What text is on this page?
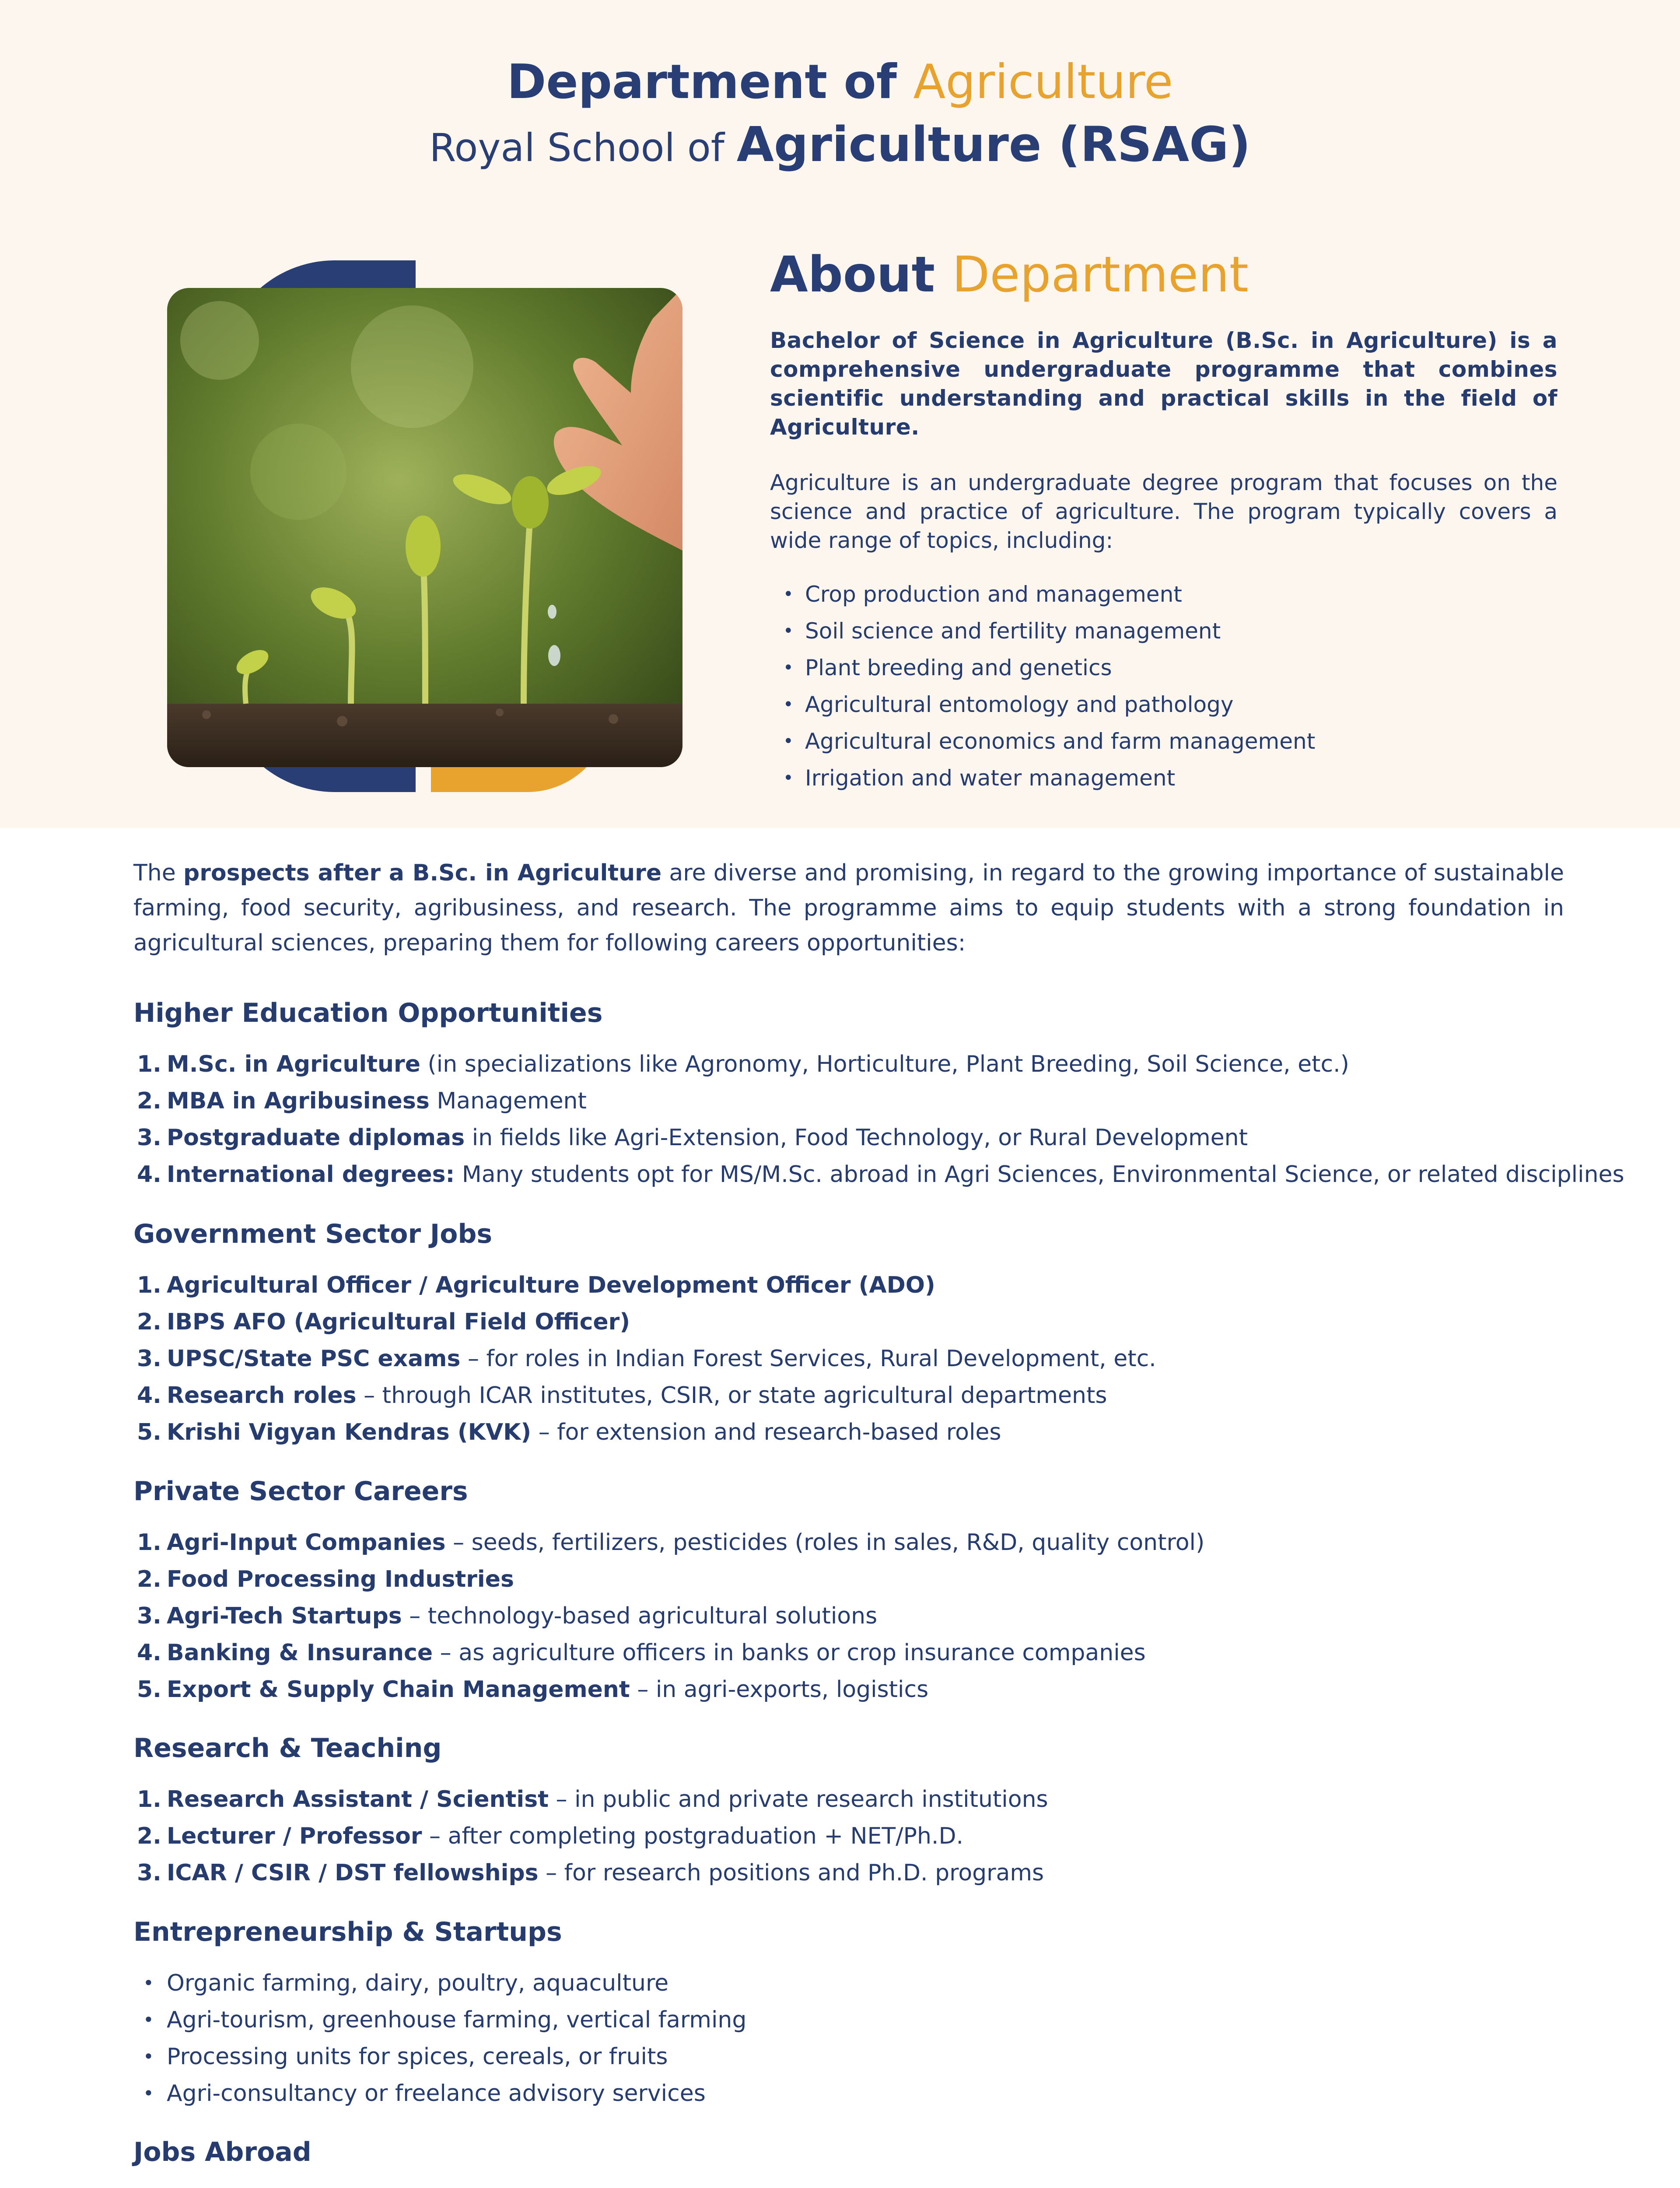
Department of Agriculture
Royal School of Agriculture (RSAG)
About Department
Bachelor of Science in Agriculture (B.Sc. in Agriculture) is a comprehensive undergraduate programme that combines scientific understanding and practical skills in the field of Agriculture.
Agriculture is an undergraduate degree program that focuses on the science and practice of agriculture. The program typically covers a wide range of topics, including:
• Crop production and management
• Soil science and fertility management
• Plant breeding and genetics
• Agricultural entomology and pathology
• Agricultural economics and farm management
• Irrigation and water management
The prospects after a B.Sc. in Agriculture are diverse and promising, in regard to the growing importance of sustainable farming, food security, agribusiness, and research. The programme aims to equip students with a strong foundation in agricultural sciences, preparing them for following careers opportunities:
Higher Education Opportunities
1. M.Sc. in Agriculture (in specializations like Agronomy, Horticulture, Plant Breeding, Soil Science, etc.)
2. MBA in Agribusiness Management
3. Postgraduate diplomas in fields like Agri-Extension, Food Technology, or Rural Development
4. International degrees: Many students opt for MS/M.Sc. abroad in Agri Sciences, Environmental Science, or related disciplines
Government Sector Jobs
1. Agricultural Officer / Agriculture Development Officer (ADO)
2. IBPS AFO (Agricultural Field Officer)
3. UPSC/State PSC exams – for roles in Indian Forest Services, Rural Development, etc.
4. Research roles – through ICAR institutes, CSIR, or state agricultural departments
5. Krishi Vigyan Kendras (KVK) – for extension and research-based roles
Private Sector Careers
1. Agri-Input Companies – seeds, fertilizers, pesticides (roles in sales, R&D, quality control)
2. Food Processing Industries
3. Agri-Tech Startups – technology-based agricultural solutions
4. Banking & Insurance – as agriculture officers in banks or crop insurance companies
5. Export & Supply Chain Management – in agri-exports, logistics
Research & Teaching
1. Research Assistant / Scientist – in public and private research institutions
2. Lecturer / Professor – after completing postgraduation + NET/Ph.D.
3. ICAR / CSIR / DST fellowships – for research positions and Ph.D. programs
Entrepreneurship & Startups
• Organic farming, dairy, poultry, aquaculture
• Agri-tourism, greenhouse farming, vertical farming
• Processing units for spices, cereals, or fruits
• Agri-consultancy or freelance advisory services
Jobs Abroad
•
